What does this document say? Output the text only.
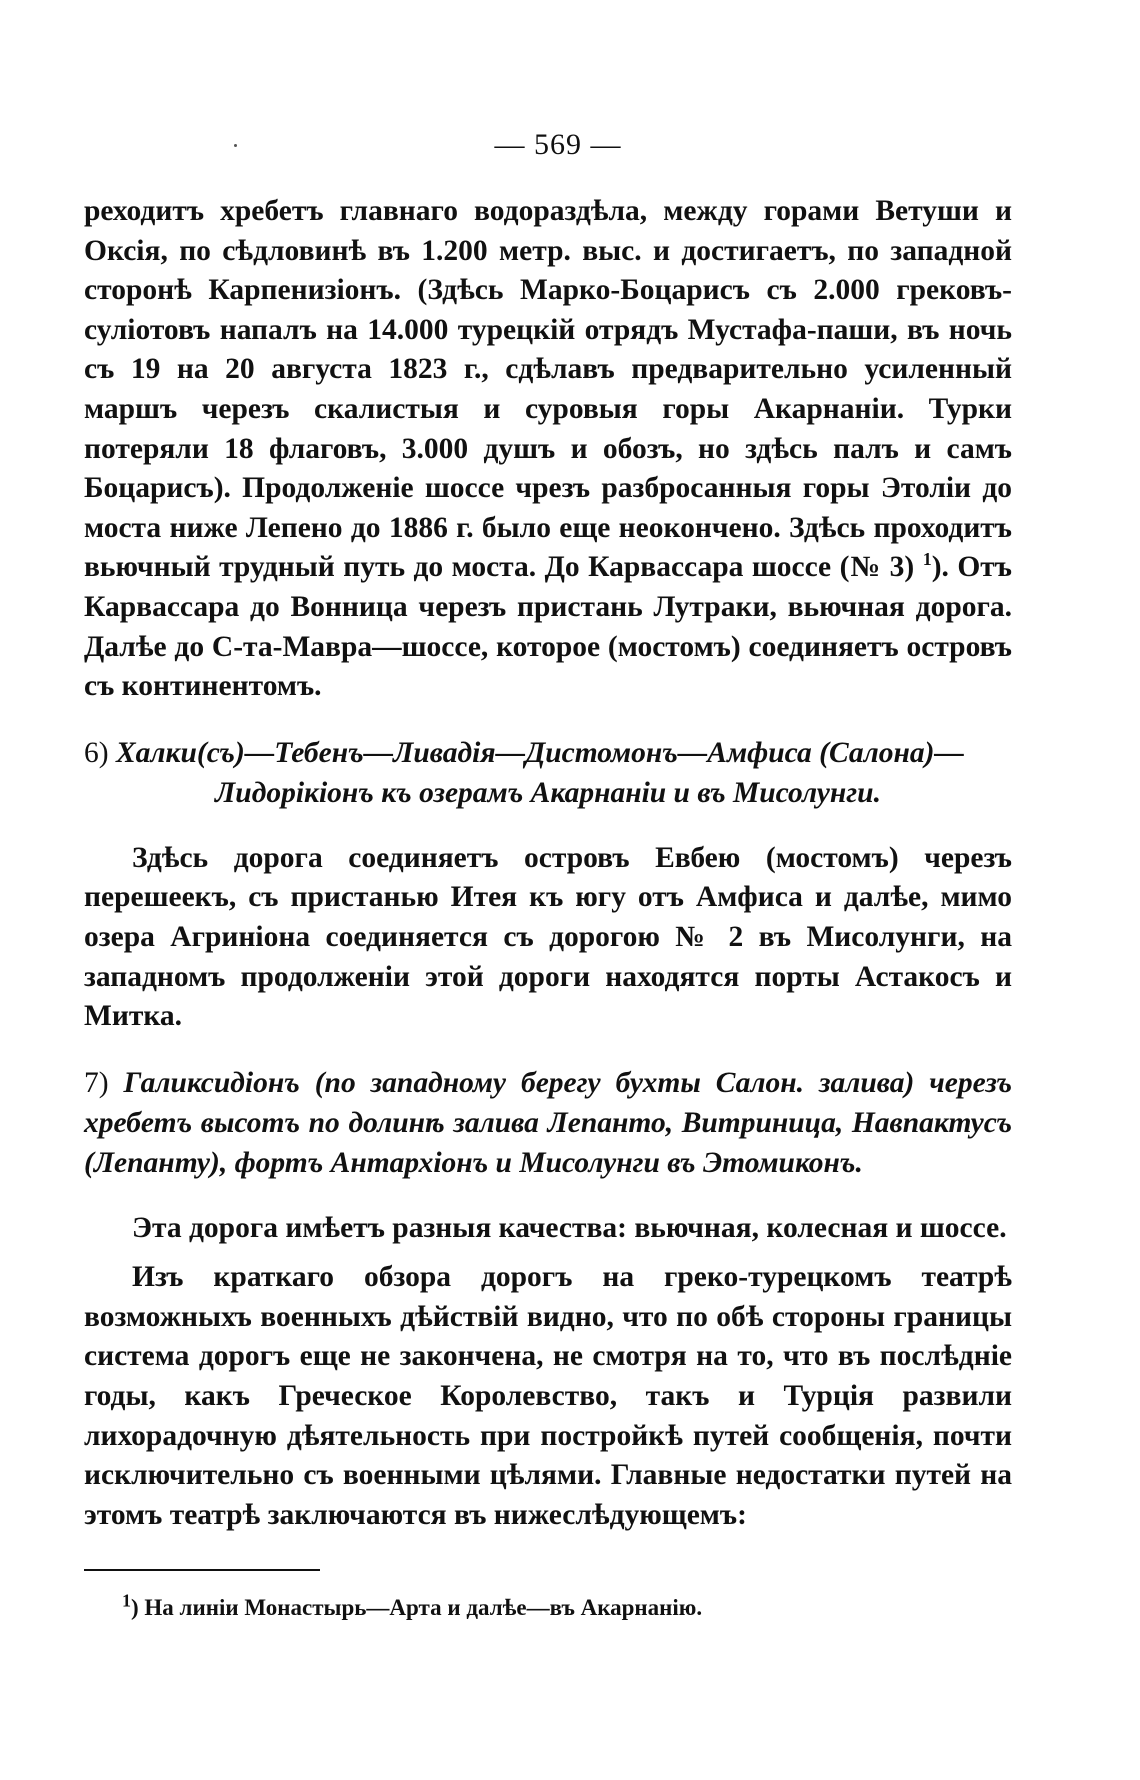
— 569 —

реходитъ хребетъ главнаго водораздѣла, между горами Ветуши и Оксія, по сѣдловинѣ въ 1.200 метр. выс. и достигаетъ, по западной сторонѣ Карпенизіонъ. (Здѣсь Марко-Боцарисъ съ 2.000 грековъ-суліотовъ напалъ на 14.000 турецкій отрядъ Мустафа-паши, въ ночь съ 19 на 20 августа 1823 г., сдѣлавъ предварительно усиленный маршъ черезъ скалистыя и суровыя горы Акарнаніи. Турки потеряли 18 флаговъ, 3.000 душъ и обозъ, но здѣсь палъ и самъ Боцарисъ). Продолженіе шоссе чрезъ разбросанныя горы Этоліи до моста ниже Лепено до 1886 г. было еще неоконченo. Здѣсь проходитъ вьючный трудный путь до моста. До Карвассара шоссе (№ 3) $^1$). Отъ Карвассара до Вонница черезъ пристань Лутраки, вьючная дорога. Далѣе до С-та-Мавра—шоссе, которое (мостомъ) соединяетъ островъ съ континентомъ.

6) Халки(съ)—Тебенъ—Ливадія—Дистомонъ—Амфиса (Салона)—
Лидорікіонъ къ озерамъ Акарнаніи и въ Мисолунги.

Здѣсь дорога соединяетъ островъ Евбею (мостомъ) черезъ перешеекъ, съ пристанью Итея къ югу отъ Амфиса и далѣе, мимо озера Агриніона соединяется съ дорогою № 2 въ Мисолунги, на западномъ продолженіи этой дороги находятся порты Астакосъ и Митка.

7) Галиксидіонъ (по западному берегу бухты Салон. залива) черезъ хребетъ высотъ по долинѣ залива Лепанто, Витриница, Навпактусъ (Лепанту), фортъ Антархіонъ и Мисолунги въ Этомиконъ.

Эта дорога имѣетъ разныя качества: вьючная, колесная и шоссе.

Изъ краткаго обзора дорогъ на греко-турецкомъ театрѣ возможныхъ военныхъ дѣйствій видно, что по обѣ стороны границы система дорогъ еще не закончена, не смотря на то, что въ послѣдніе годы, какъ Греческое Королевство, такъ и Турція развили лихорадочную дѣятельность при постройкѣ путей сообщенія, почти исключительно съ военными цѣлями. Главные недостатки путей на этомъ театрѣ заключаются въ нижеслѣдующемъ:

$^1$) На линіи Монастырь—Арта и далѣе—въ Акарнанію.
